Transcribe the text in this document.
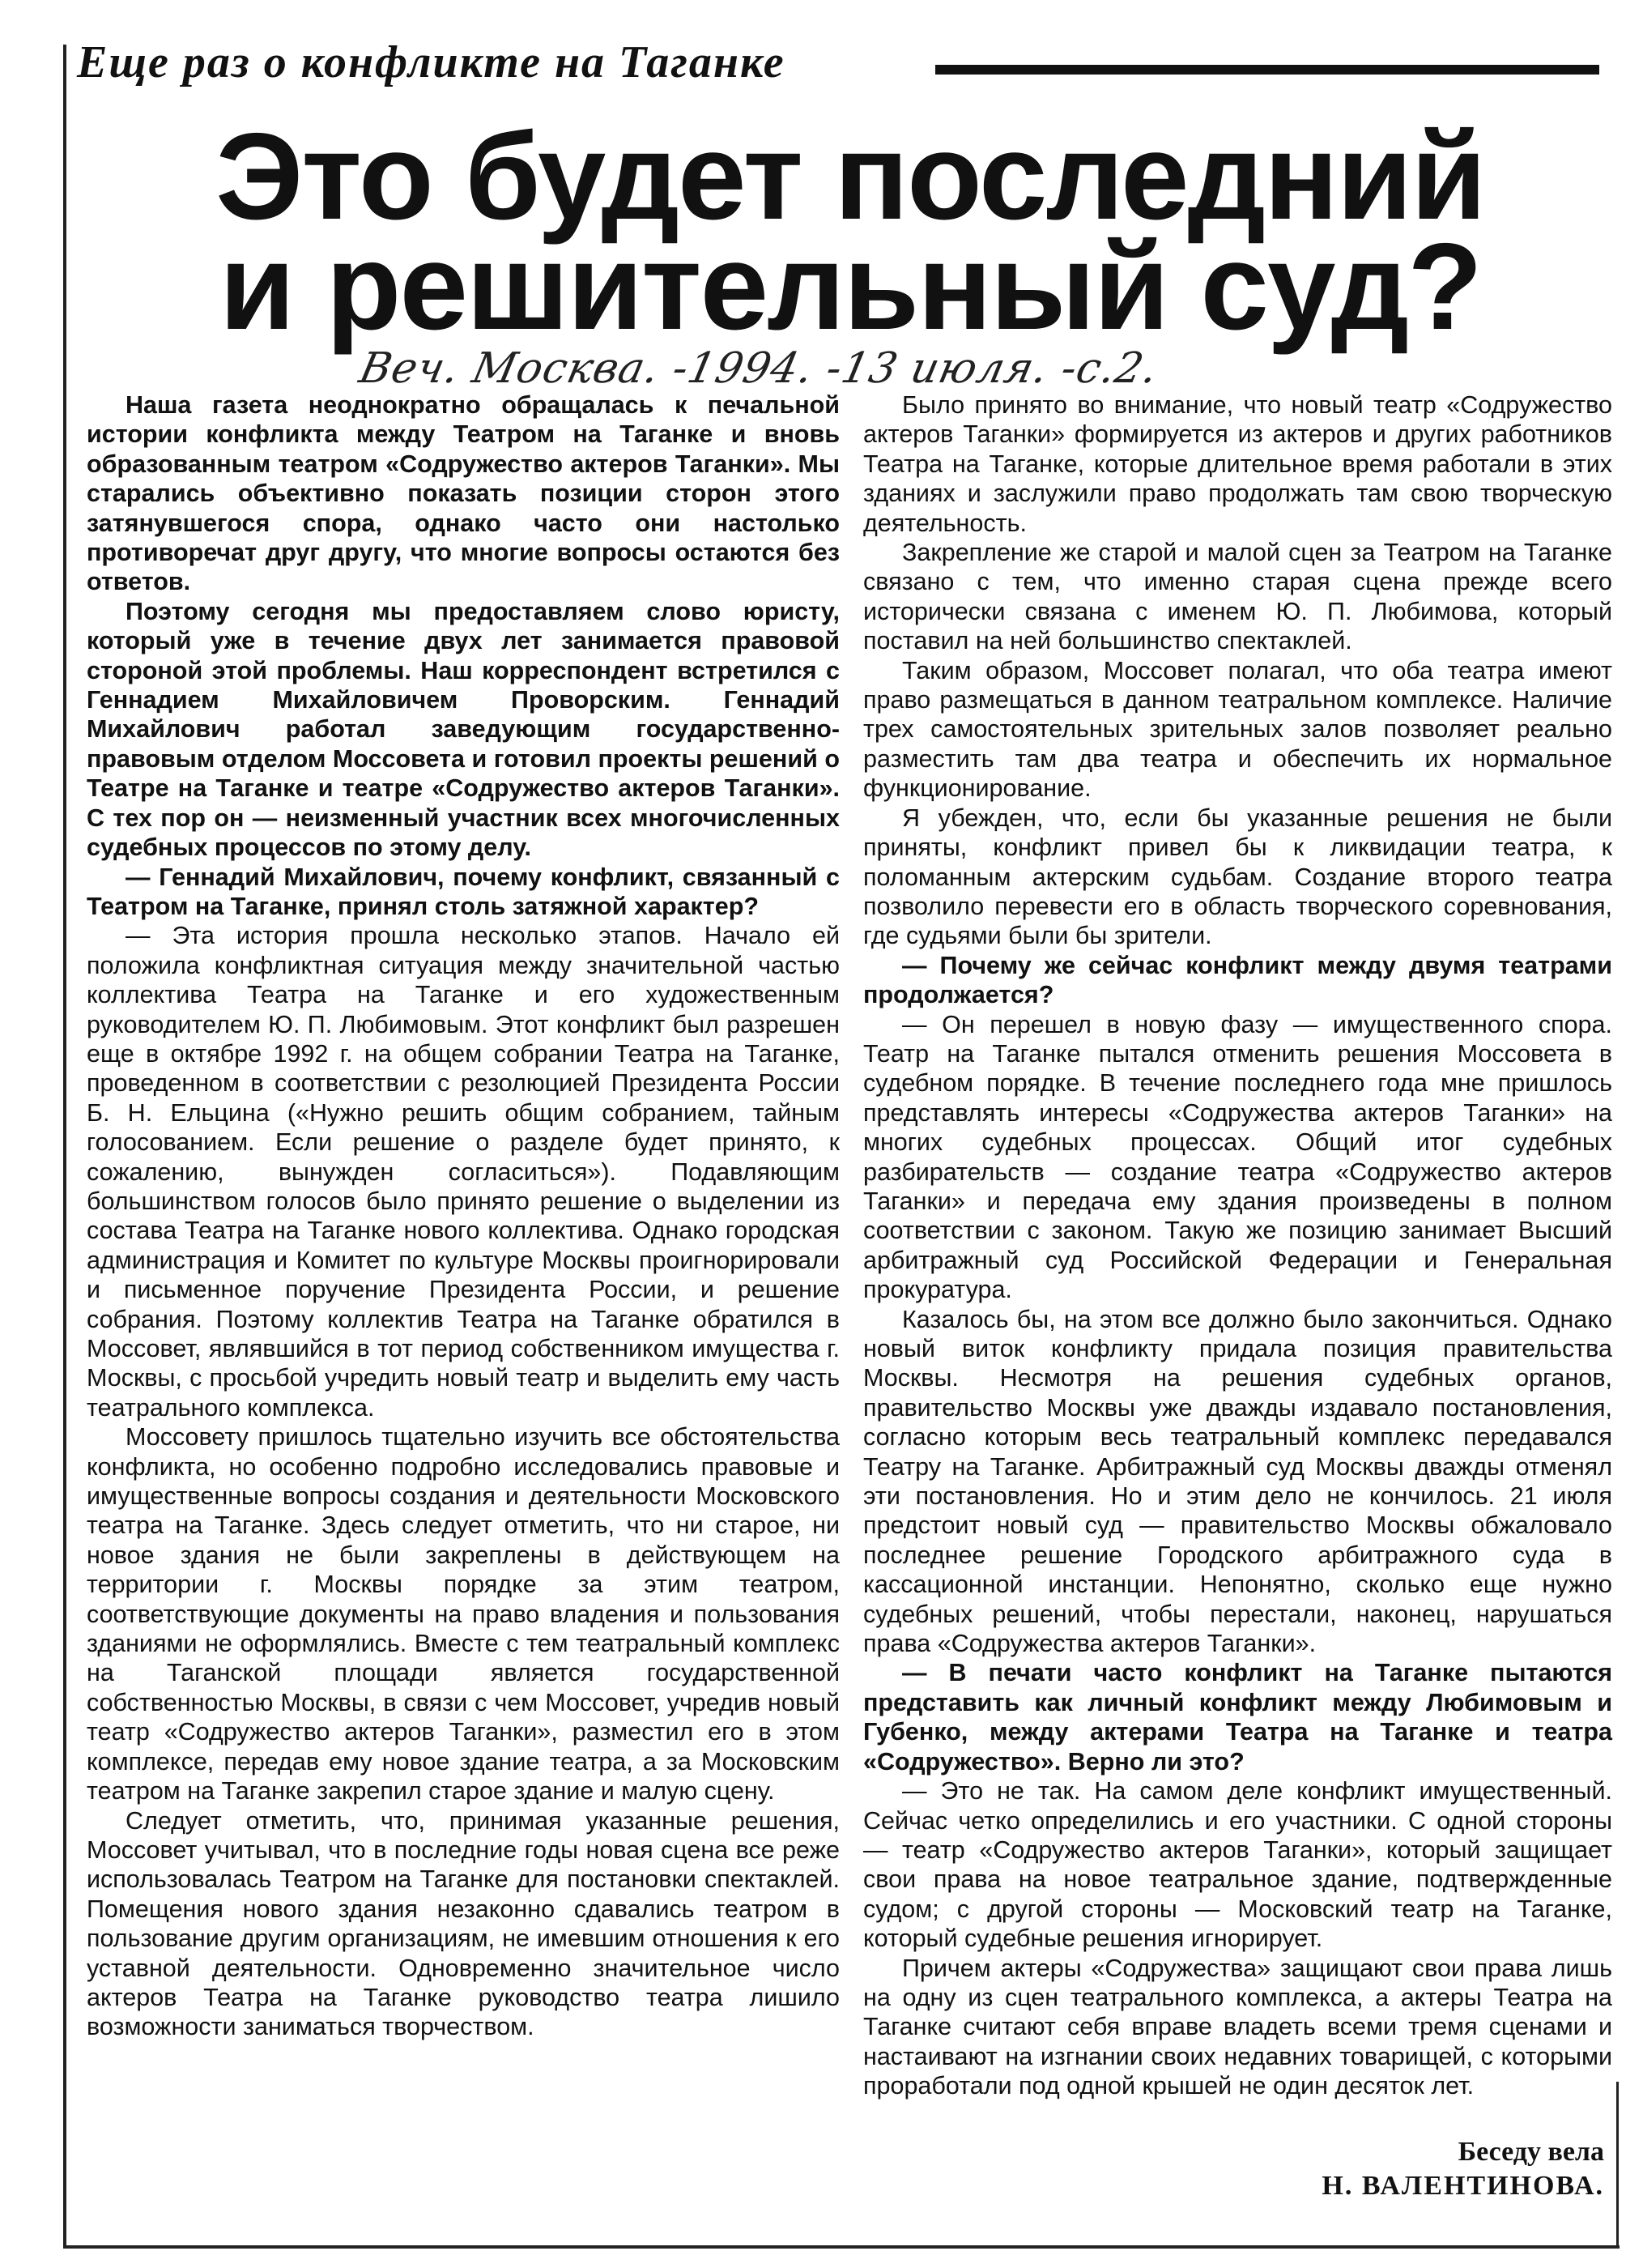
Еще раз о конфликте на Таганке
Это будет последний
и решительный суд?
Веч. Москва. -1994. -13 июля. -с.2.

Наша газета неоднократно обращалась к печальной истории конфликта между Театром на Таганке и вновь образованным театром «Содружество актеров Таганки». Мы старались объективно показать позиции сторон этого затянувшегося спора, однако часто они настолько противоречат друг другу, что многие вопросы остаются без ответов.

Поэтому сегодня мы предоставляем слово юристу, который уже в течение двух лет занимается правовой стороной этой проблемы. Наш корреспондент встретился с Геннадием Михайловичем Проворским. Геннадий Михайлович работал заведующим государственно-правовым отделом Моссовета и готовил проекты решений о Театре на Таганке и театре «Содружество актеров Таганки». С тех пор он — неизменный участник всех многочисленных судебных процессов по этому делу.

— Геннадий Михайлович, почему конфликт, связанный с Театром на Таганке, принял столь затяжной характер?

— Эта история прошла несколько этапов. Начало ей положила конфликтная ситуация между значительной частью коллектива Театра на Таганке и его художественным руководителем Ю. П. Любимовым. Этот конфликт был разрешен еще в октябре 1992 г. на общем собрании Театра на Таганке, проведенном в соответствии с резолюцией Президента России Б. Н. Ельцина («Нужно решить общим собранием, тайным голосованием. Если решение о разделе будет принято, к сожалению, вынужден согласиться»). Подавляющим большинством голосов было принято решение о выделении из состава Театра на Таганке нового коллектива. Однако городская администрация и Комитет по культуре Москвы проигнорировали и письменное поручение Президента России, и решение собрания. Поэтому коллектив Театра на Таганке обратился в Моссовет, являвшийся в тот период собственником имущества г. Москвы, с просьбой учредить новый театр и выделить ему часть театрального комплекса.

Моссовету пришлось тщательно изучить все обстоятельства конфликта, но особенно подробно исследовались правовые и имущественные вопросы создания и деятельности Московского театра на Таганке. Здесь следует отметить, что ни старое, ни новое здания не были закреплены в действующем на территории г. Москвы порядке за этим театром, соответствующие документы на право владения и пользования зданиями не оформлялись. Вместе с тем театральный комплекс на Таганской площади является государственной собственностью Москвы, в связи с чем Моссовет, учредив новый театр «Содружество актеров Таганки», разместил его в этом комплексе, передав ему новое здание театра, а за Московским театром на Таганке закрепил старое здание и малую сцену.

Следует отметить, что, принимая указанные решения, Моссовет учитывал, что в последние годы новая сцена все реже использовалась Театром на Таганке для постановки спектаклей. Помещения нового здания незаконно сдавались театром в пользование другим организациям, не имевшим отношения к его уставной деятельности. Одновременно значительное число актеров Театра на Таганке руководство театра лишило возможности заниматься творчеством.

Было принято во внимание, что новый театр «Содружество актеров Таганки» формируется из актеров и других работников Театра на Таганке, которые длительное время работали в этих зданиях и заслужили право продолжать там свою творческую деятельность.

Закрепление же старой и малой сцен за Театром на Таганке связано с тем, что именно старая сцена прежде всего исторически связана с именем Ю. П. Любимова, который поставил на ней большинство спектаклей.

Таким образом, Моссовет полагал, что оба театра имеют право размещаться в данном театральном комплексе. Наличие трех самостоятельных зрительных залов позволяет реально разместить там два театра и обеспечить их нормальное функционирование.

Я убежден, что, если бы указанные решения не были приняты, конфликт привел бы к ликвидации театра, к поломанным актерским судьбам. Создание второго театра позволило перевести его в область творческого соревнования, где судьями были бы зрители.

— Почему же сейчас конфликт между двумя театрами продолжается?

— Он перешел в новую фазу — имущественного спора. Театр на Таганке пытался отменить решения Моссовета в судебном порядке. В течение последнего года мне пришлось представлять интересы «Содружества актеров Таганки» на многих судебных процессах. Общий итог судебных разбирательств — создание театра «Содружество актеров Таганки» и передача ему здания произведены в полном соответствии с законом. Такую же позицию занимает Высший арбитражный суд Российской Федерации и Генеральная прокуратура.

Казалось бы, на этом все должно было закончиться. Однако новый виток конфликту придала позиция правительства Москвы. Несмотря на решения судебных органов, правительство Москвы уже дважды издавало постановления, согласно которым весь театральный комплекс передавался Театру на Таганке. Арбитражный суд Москвы дважды отменял эти постановления. Но и этим дело не кончилось. 21 июля предстоит новый суд — правительство Москвы обжаловало последнее решение Городского арбитражного суда в кассационной инстанции. Непонятно, сколько еще нужно судебных решений, чтобы перестали, наконец, нарушаться права «Содружества актеров Таганки».

— В печати часто конфликт на Таганке пытаются представить как личный конфликт между Любимовым и Губенко, между актерами Театра на Таганке и театра «Содружество». Верно ли это?

— Это не так. На самом деле конфликт имущественный. Сейчас четко определились и его участники. С одной стороны — театр «Содружество актеров Таганки», который защищает свои права на новое театральное здание, подтвержденные судом; с другой стороны — Московский театр на Таганке, который судебные решения игнорирует.

Причем актеры «Содружества» защищают свои права лишь на одну из сцен театрального комплекса, а актеры Театра на Таганке считают себя вправе владеть всеми тремя сценами и настаивают на изгнании своих недавних товарищей, с которыми проработали под одной крышей не один десяток лет.

Беседу вела
Н. ВАЛЕНТИНОВА.
